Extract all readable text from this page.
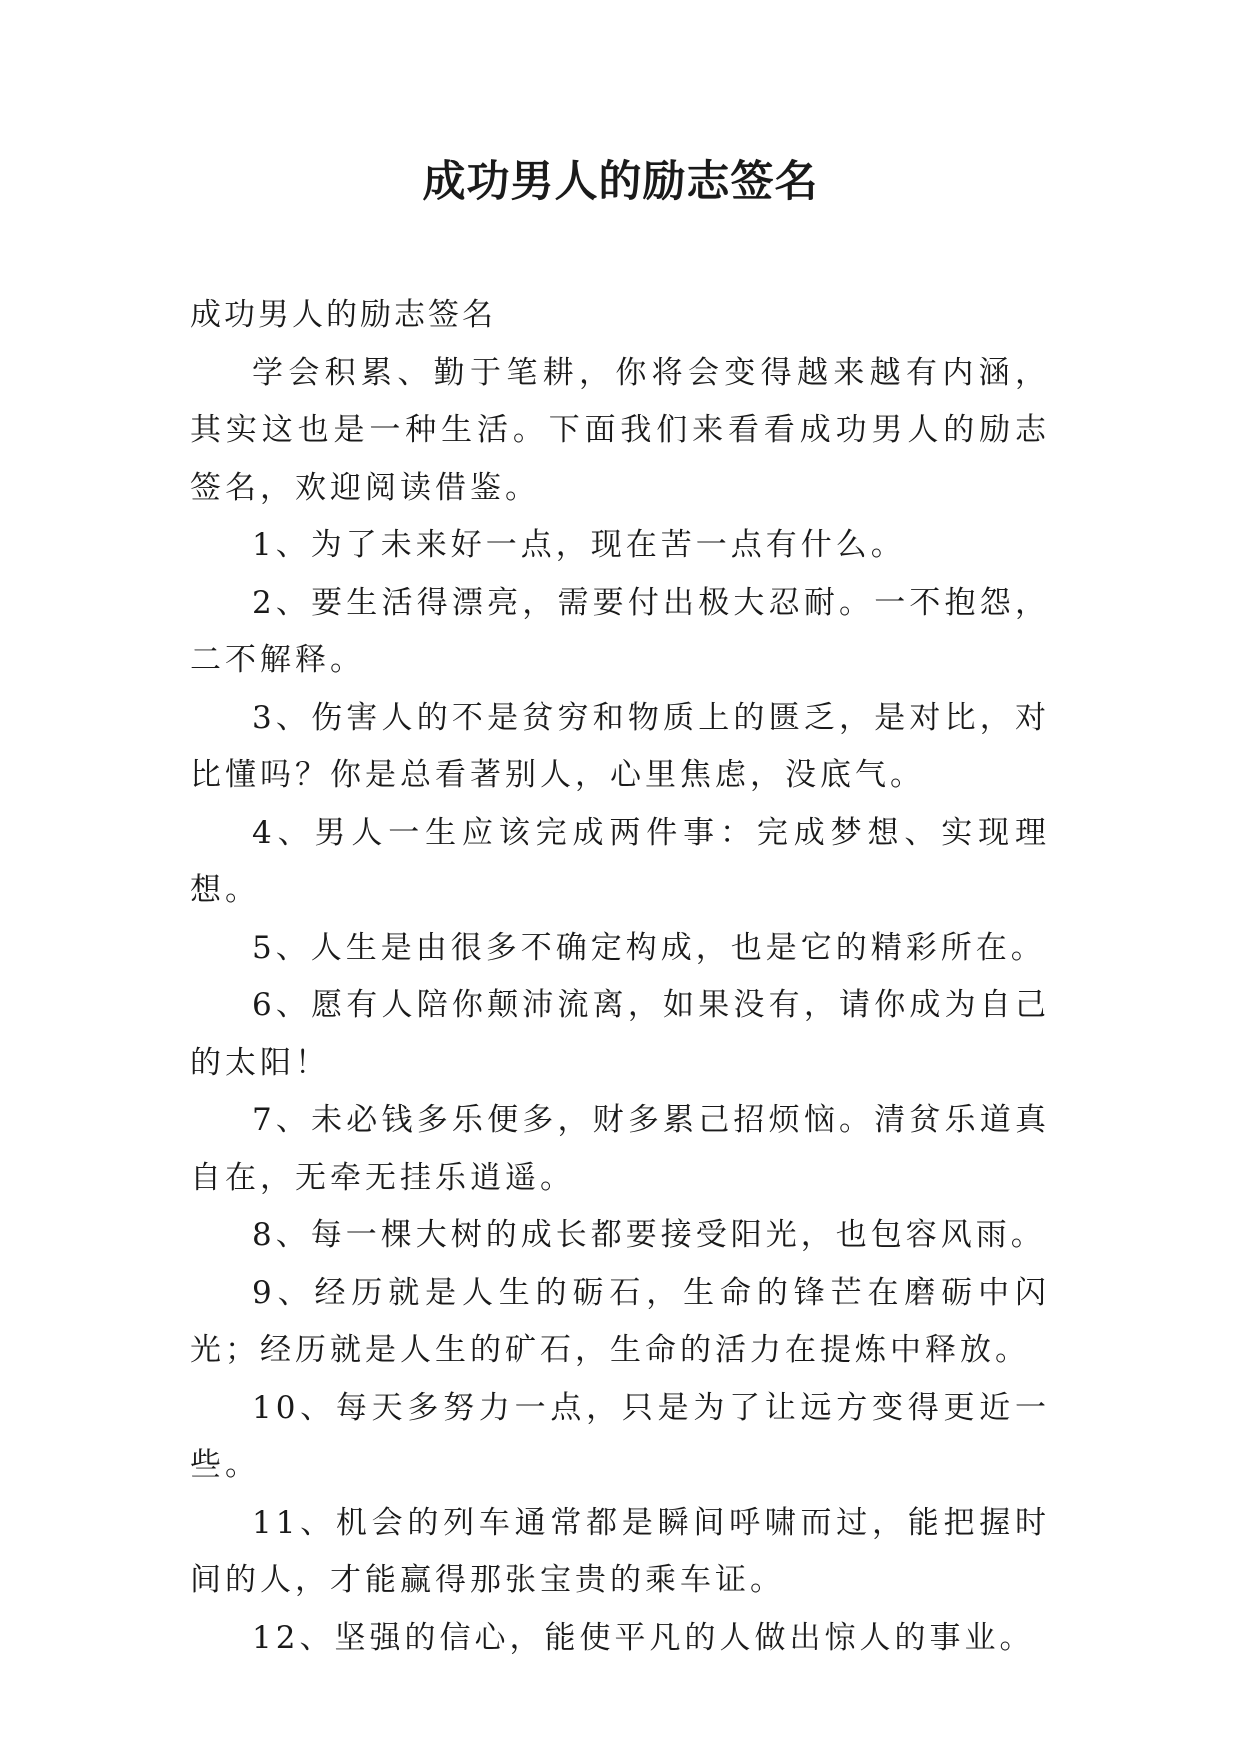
成功男人的励志签名

成功男人的励志签名

学会积累、勤于笔耕，你将会变得越来越有内涵，其实这也是一种生活。下面我们来看看成功男人的励志签名，欢迎阅读借鉴。

1、为了未来好一点，现在苦一点有什么。

2、要生活得漂亮，需要付出极大忍耐。一不抱怨，二不解释。

3、伤害人的不是贫穷和物质上的匮乏，是对比，对比懂吗？你是总看著别人，心里焦虑，没底气。

4、男人一生应该完成两件事：完成梦想、实现理想。

5、人生是由很多不确定构成，也是它的精彩所在。

6、愿有人陪你颠沛流离，如果没有，请你成为自己的太阳！

7、未必钱多乐便多，财多累己招烦恼。清贫乐道真自在，无牵无挂乐逍遥。

8、每一棵大树的成长都要接受阳光，也包容风雨。

9、经历就是人生的砺石，生命的锋芒在磨砺中闪光；经历就是人生的矿石，生命的活力在提炼中释放。

10、每天多努力一点，只是为了让远方变得更近一些。

11、机会的列车通常都是瞬间呼啸而过，能把握时间的人，才能赢得那张宝贵的乘车证。

12、坚强的信心，能使平凡的人做出惊人的事业。
